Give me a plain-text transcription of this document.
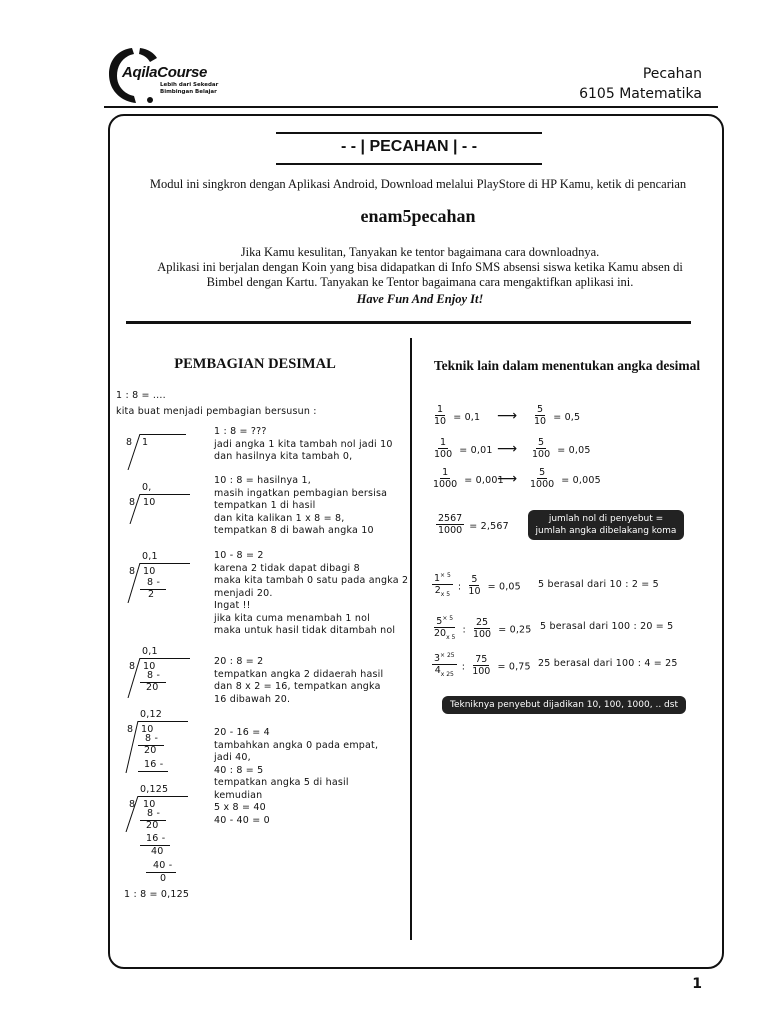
AqilaCourse
Lebih dari Sekedar
Bimbingan Belajar
Pecahan
6105 Matematika
- - | PECAHAN | - -
Modul ini singkron dengan Aplikasi Android, Download melalui PlayStore di HP Kamu, ketik di pencarian
enam5pecahan
Jika Kamu kesulitan, Tanyakan ke tentor bagaimana cara downloadnya.
Aplikasi ini berjalan dengan Koin yang bisa didapatkan di Info SMS absensi siswa ketika Kamu absen di
Bimbel dengan Kartu. Tanyakan ke Tentor bagaimana cara mengaktifkan aplikasi ini.
Have Fun And Enjoy It!
PEMBAGIAN DESIMAL
1 : 8 = ....
kita buat menjadi pembagian bersusun :
8 1
1 : 8 = ???
jadi angka 1 kita tambah nol jadi 10
dan hasilnya kita tambah 0,
0,
8 10
10 : 8 = hasilnya 1,
masih ingatkan pembagian bersisa
tempatkan 1 di hasil
dan kita kalikan 1 x 8 = 8,
tempatkan 8 di bawah angka 10
0,1
8 10
8 -
2
10 - 8 = 2
karena 2 tidak dapat dibagi 8
maka kita tambah 0 satu pada angka 2
menjadi 20.
Ingat !!
jika kita cuma menambah 1 nol
maka untuk hasil tidak ditambah nol
0,1
8 10
8 -
20
20 : 8 = 2
tempatkan angka 2 didaerah hasil
dan 8 x 2 = 16, tempatkan angka
16 dibawah 20.
0,12
8 10
8 -
20
16 -
20 - 16 = 4
tambahkan angka 0 pada empat,
jadi 40,
40 : 8 = 5
tempatkan angka 5 di hasil
kemudian
5 x 8 = 40
40 - 40 = 0
0,125
8 10
8 -
20
16 -
40
40 -
0
1 : 8 = 0,125
Teknik lain dalam menentukan angka desimal
$\frac{1}{10} = 0,1$ ⟶ $\frac{5}{10} = 0,5$
$\frac{1}{100} = 0,01$ ⟶ $\frac{5}{100} = 0,05$
$\frac{1}{1000} = 0,001$
⟶ $\frac{5}{1000} = 0,005$
$\frac{2567}{1000} = 2,567$
jumlah nol di penyebut =
jumlah angka dibelakang koma
$\frac{1^{\times 5}}{2_{x 5}}$ : $\frac{5}{10} = 0,05$ 5 berasal dari 10 : 2 = 5
$\frac{5^{\times 5}}{20_{x 5}}$ : $\frac{25}{100} = 0,25$ 5 berasal dari 100 : 20 = 5
$\frac{3^{\times 25}}{4_{x 25}}$ : $\frac{75}{100} = 0,75$ 25 berasal dari 100 : 4 = 25
Tekniknya penyebut dijadikan 10, 100, 1000, .. dst
1
